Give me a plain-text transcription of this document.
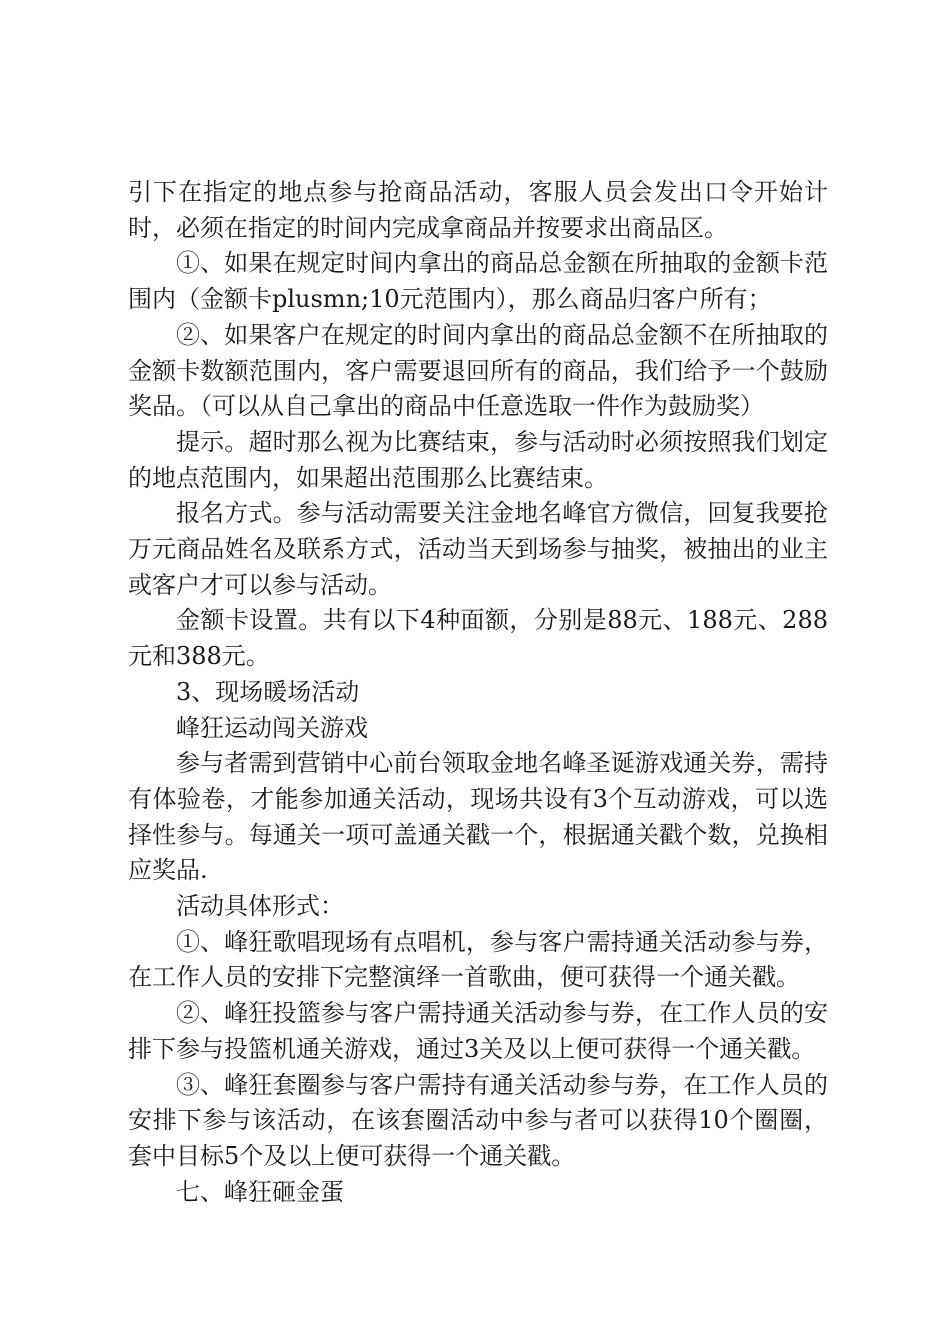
引下在指定的地点参与抢商品活动，客服人员会发出口令开始计时，必须在指定的时间内完成拿商品并按要求出商品区。

①、如果在规定时间内拿出的商品总金额在所抽取的金额卡范围内（金额卡plusmn;10元范围内），那么商品归客户所有；

②、如果客户在规定的时间内拿出的商品总金额不在所抽取的金额卡数额范围内，客户需要退回所有的商品，我们给予一个鼓励奖品。（可以从自己拿出的商品中任意选取一件作为鼓励奖）

提示。超时那么视为比赛结束，参与活动时必须按照我们划定的地点范围内，如果超出范围那么比赛结束。

报名方式。参与活动需要关注金地名峰官方微信，回复我要抢万元商品姓名及联系方式，活动当天到场参与抽奖，被抽出的业主或客户才可以参与活动。

金额卡设置。共有以下4种面额，分别是88元、188元、288元和388元。

3、现场暖场活动

峰狂运动闯关游戏

参与者需到营销中心前台领取金地名峰圣诞游戏通关券，需持有体验卷，才能参加通关活动，现场共设有3个互动游戏，可以选择性参与。每通关一项可盖通关戳一个，根据通关戳个数，兑换相应奖品.

活动具体形式：

①、峰狂歌唱现场有点唱机，参与客户需持通关活动参与券，在工作人员的安排下完整演绎一首歌曲，便可获得一个通关戳。

②、峰狂投篮参与客户需持通关活动参与券，在工作人员的安排下参与投篮机通关游戏，通过3关及以上便可获得一个通关戳。

③、峰狂套圈参与客户需持有通关活动参与券，在工作人员的安排下参与该活动，在该套圈活动中参与者可以获得10个圈圈，套中目标5个及以上便可获得一个通关戳。

七、峰狂砸金蛋
